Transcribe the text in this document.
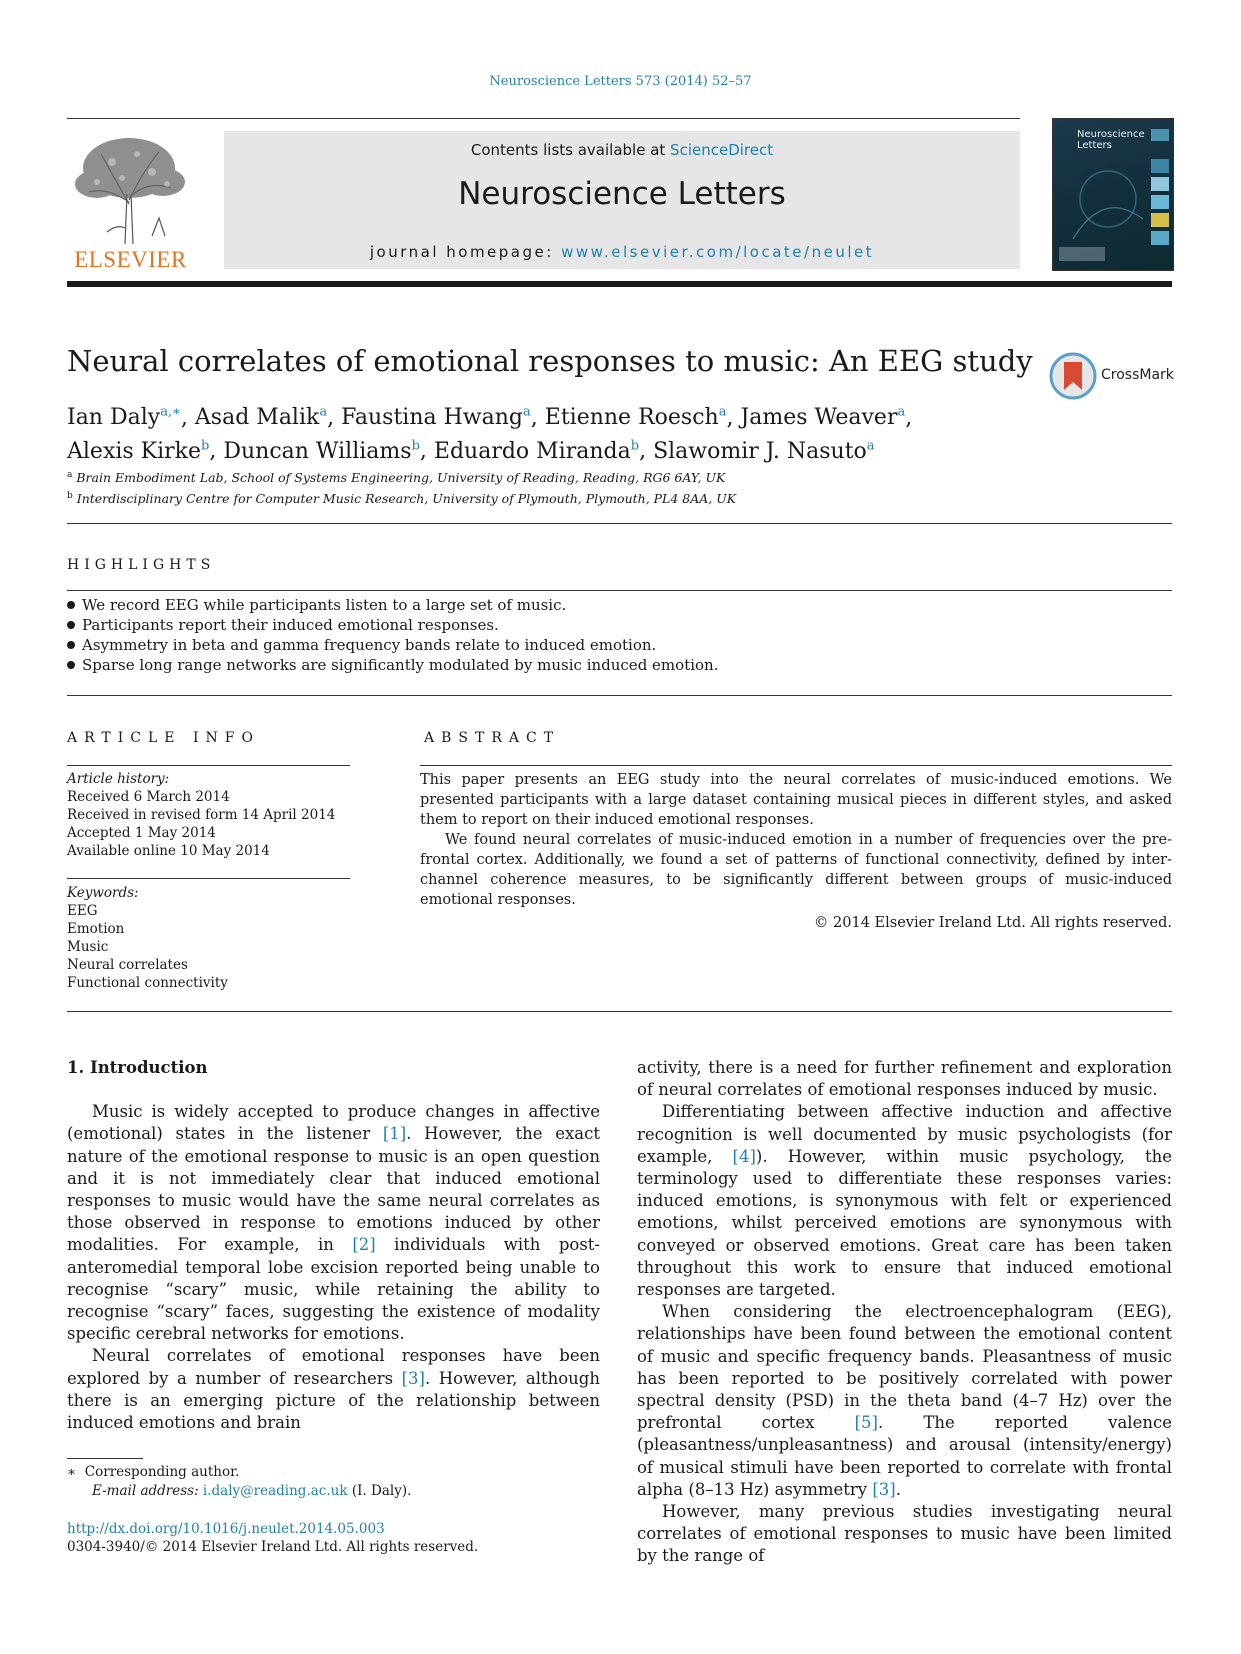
Neuroscience Letters 573 (2014) 52–57
ELSEVIER
Contents lists available at ScienceDirect
Neuroscience Letters
journal homepage: www.elsevier.com/locate/neulet
Neuroscience Letters
Neural correlates of emotional responses to music: An EEG study	CrossMark
Ian Daly$^{a,∗}$, Asad Malik$^a$, Faustina Hwang$^a$, Etienne Roesch$^a$, James Weaver$^a$,
Alexis Kirke$^b$, Duncan Williams$^b$, Eduardo Miranda$^b$, Slawomir J. Nasuto$^a$
$^a$ Brain Embodiment Lab, School of Systems Engineering, University of Reading, Reading, RG6 6AY, UK
$^b$ Interdisciplinary Centre for Computer Music Research, University of Plymouth, Plymouth, PL4 8AA, UK
HIGHLIGHTS
We record EEG while participants listen to a large set of music.
Participants report their induced emotional responses.
Asymmetry in beta and gamma frequency bands relate to induced emotion.
Sparse long range networks are significantly modulated by music induced emotion.
ARTICLE INFO
Article history:
Received 6 March 2014
Received in revised form 14 April 2014
Accepted 1 May 2014
Available online 10 May 2014
Keywords:
EEG
Emotion
Music
Neural correlates
Functional connectivity
ABSTRACT

This paper presents an EEG study into the neural correlates of music-induced emotions. We presented participants with a large dataset containing musical pieces in different styles, and asked them to report on their induced emotional responses.

We found neural correlates of music-induced emotion in a number of frequencies over the pre-frontal cortex. Additionally, we found a set of patterns of functional connectivity, defined by inter-channel coherence measures, to be significantly different between groups of music-induced emotional responses.

© 2014 Elsevier Ireland Ltd. All rights reserved.

1. Introduction

Music is widely accepted to produce changes in affective (emotional) states in the listener [1]. However, the exact nature of the emotional response to music is an open question and it is not immediately clear that induced emotional responses to music would have the same neural correlates as those observed in response to emotions induced by other modalities. For example, in [2] individuals with post-anteromedial temporal lobe excision reported being unable to recognise “scary” music, while retaining the ability to recognise “scary” faces, suggesting the existence of modality specific cerebral networks for emotions.

Neural correlates of emotional responses have been explored by a number of researchers [3]. However, although there is an emerging picture of the relationship between induced emotions and brain

activity, there is a need for further refinement and exploration of neural correlates of emotional responses induced by music.

Differentiating between affective induction and affective recognition is well documented by music psychologists (for example, [4]). However, within music psychology, the terminology used to differentiate these responses varies: induced emotions, is synonymous with felt or experienced emotions, whilst perceived emotions are synonymous with conveyed or observed emotions. Great care has been taken throughout this work to ensure that induced emotional responses are targeted.

When considering the electroencephalogram (EEG), relationships have been found between the emotional content of music and specific frequency bands. Pleasantness of music has been reported to be positively correlated with power spectral density (PSD) in the theta band (4–7 Hz) over the prefrontal cortex [5]. The reported valence (pleasantness/unpleasantness) and arousal (intensity/energy) of musical stimuli have been reported to correlate with frontal alpha (8–13 Hz) asymmetry [3].

However, many previous studies investigating neural correlates of emotional responses to music have been limited by the range of

∗ Corresponding author.
E-mail address: i.daly@reading.ac.uk (I. Daly).
http://dx.doi.org/10.1016/j.neulet.2014.05.003
0304-3940/© 2014 Elsevier Ireland Ltd. All rights reserved.
